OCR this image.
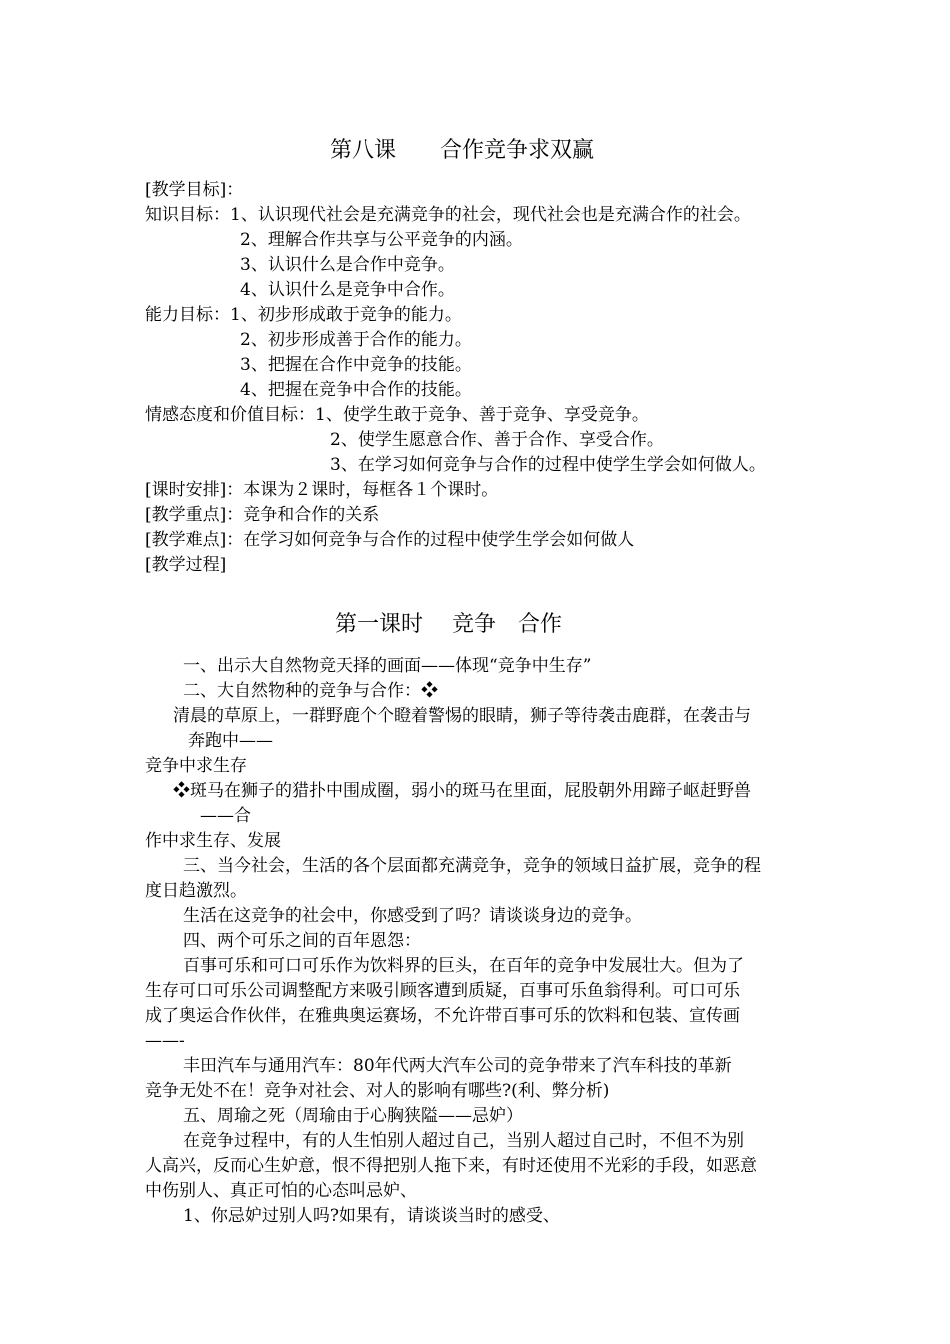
第八课　　合作竞争求双赢
[教学目标]：
知识目标：1、认识现代社会是充满竞争的社会，现代社会也是充满合作的社会。
2、理解合作共享与公平竞争的内涵。
3、认识什么是合作中竞争。
4、认识什么是竞争中合作。
能力目标：1、初步形成敢于竞争的能力。
2、初步形成善于合作的能力。
3、把握在合作中竞争的技能。
4、把握在竞争中合作的技能。
情感态度和价值目标：1、使学生敢于竞争、善于竞争、享受竞争。
2、使学生愿意合作、善于合作、享受合作。
3、在学习如何竞争与合作的过程中使学生学会如何做人。
[课时安排]：本课为２课时，每框各１个课时。
[教学重点]：竞争和合作的关系
[教学难点]：在学习如何竞争与合作的过程中使学生学会如何做人
[教学过程]
第一课时　 竞争　合作
一、出示大自然物竞天择的画面——体现“竞争中生存”
二、大自然物种的竞争与合作：❖
清晨的草原上，一群野鹿个个瞪着警惕的眼睛，狮子等待袭击鹿群，在袭击与
奔跑中——
竞争中求生存
❖斑马在狮子的猎扑中围成圈，弱小的斑马在里面，屁股朝外用蹄子岖赶野兽
——合
作中求生存、发展
三、当今社会，生活的各个层面都充满竞争，竞争的领域日益扩展，竞争的程
度日趋激烈。
生活在这竞争的社会中，你感受到了吗？请谈谈身边的竞争。
四、两个可乐之间的百年恩怨：
百事可乐和可口可乐作为饮料界的巨头，在百年的竞争中发展壮大。但为了
生存可口可乐公司调整配方来吸引顾客遭到质疑，百事可乐鱼翁得利。可口可乐
成了奥运合作伙伴，在雅典奥运赛场，不允许带百事可乐的饮料和包装、宣传画
——-
丰田汽车与通用汽车：80年代两大汽车公司的竞争带来了汽车科技的革新
竞争无处不在！竞争对社会、对人的影响有哪些?(利、弊分析)
五、周瑜之死（周瑜由于心胸狭隘——忌妒）
在竞争过程中，有的人生怕别人超过自己，当别人超过自己时，不但不为别
人高兴，反而心生妒意，恨不得把别人拖下来，有时还使用不光彩的手段，如恶意
中伤别人、真正可怕的心态叫忌妒、
1、你忌妒过别人吗?如果有，请谈谈当时的感受、
